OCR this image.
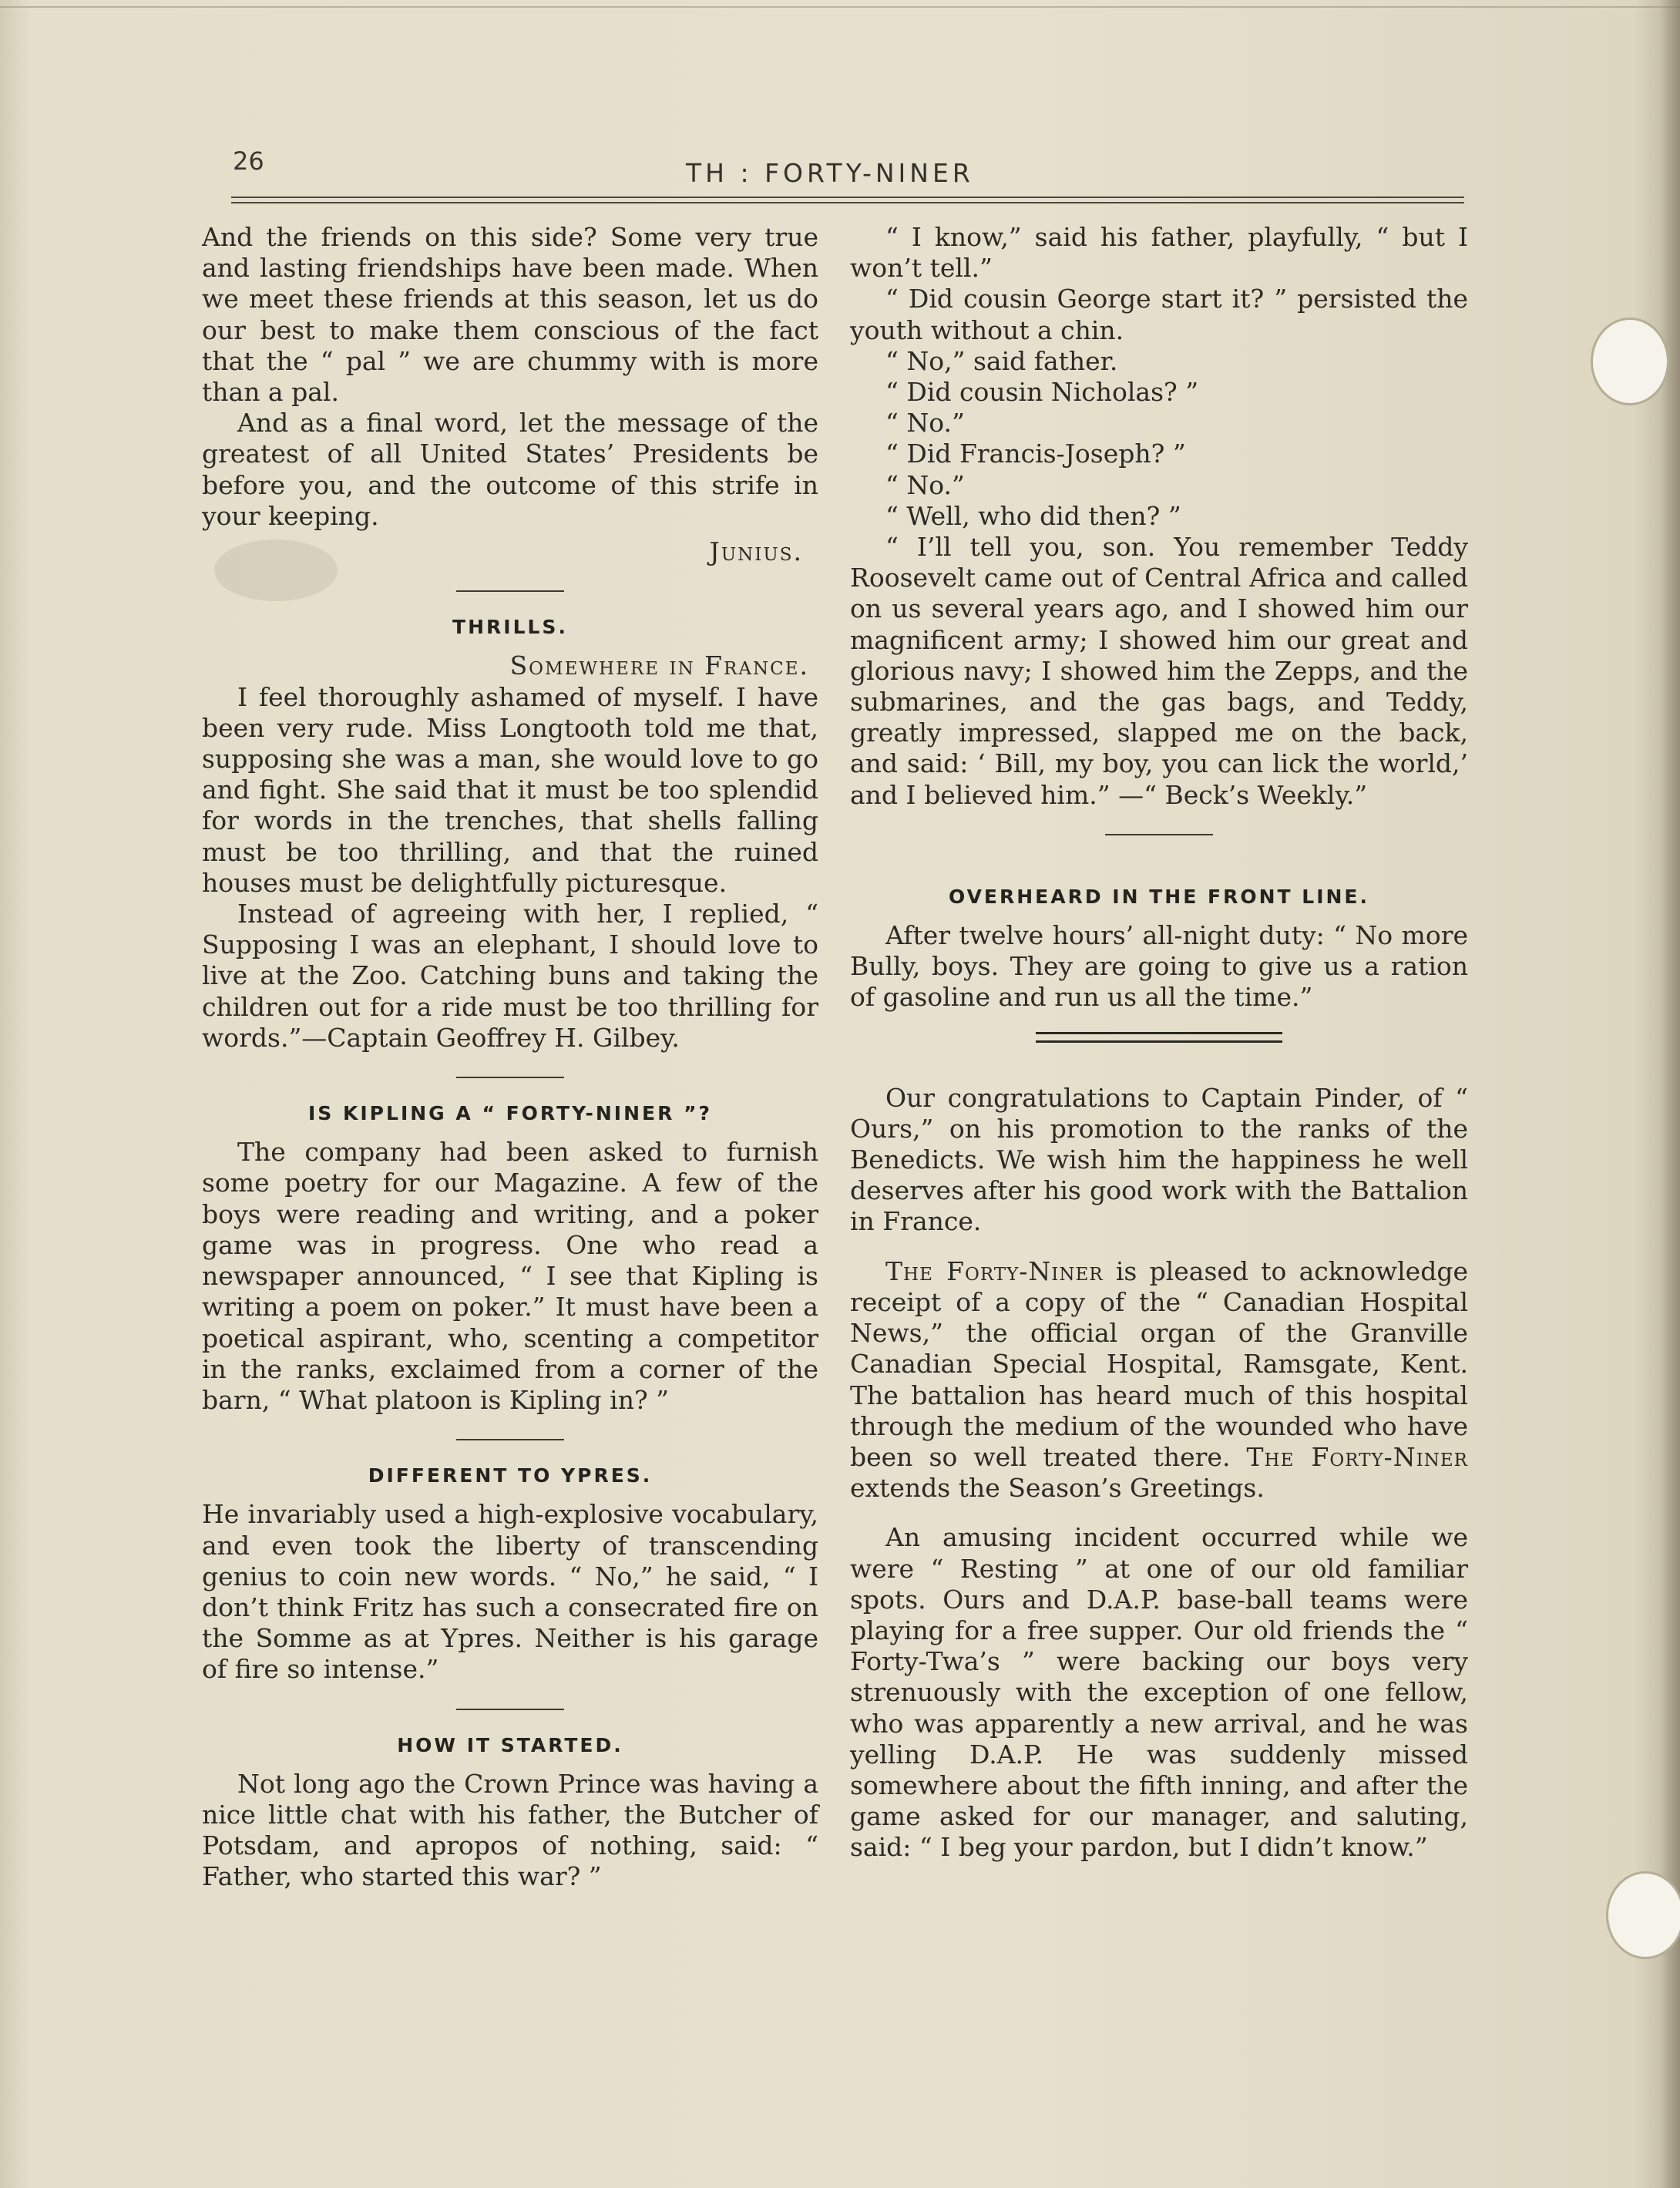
26	TH : FORTY-NINER

And the friends on this side? Some very true and lasting friendships have been made. When we meet these friends at this season, let us do our best to make them conscious of the fact that the “ pal ” we are chummy with is more than a pal.

And as a final word, let the message of the greatest of all United States’ Presidents be before you, and the outcome of this strife in your keeping.

Junius.
THRILLS.
Somewhere in France.

I feel thoroughly ashamed of myself. I have been very rude. Miss Longtooth told me that, supposing she was a man, she would love to go and fight. She said that it must be too splendid for words in the trenches, that shells falling must be too thrilling, and that the ruined houses must be delightfully picturesque.

Instead of agreeing with her, I replied, “ Supposing I was an elephant, I should love to live at the Zoo. Catching buns and taking the children out for a ride must be too thrilling for words.”—Captain Geoffrey H. Gilbey.

IS KIPLING A “ FORTY-NINER ”?

The company had been asked to furnish some poetry for our Magazine. A few of the boys were reading and writing, and a poker game was in progress. One who read a newspaper announced, “ I see that Kipling is writing a poem on poker.” It must have been a poetical aspirant, who, scenting a competitor in the ranks, exclaimed from a corner of the barn, “ What platoon is Kipling in? ”

DIFFERENT TO YPRES.

He invariably used a high-explosive vocabulary, and even took the liberty of transcending genius to coin new words. “ No,” he said, “ I don’t think Fritz has such a consecrated fire on the Somme as at Ypres. Neither is his garage of fire so intense.”

HOW IT STARTED.

Not long ago the Crown Prince was having a nice little chat with his father, the Butcher of Potsdam, and apropos of nothing, said: “ Father, who started this war? ”

“ I know,” said his father, playfully, “ but I won’t tell.”

“ Did cousin George start it? ” persisted the youth without a chin.

“ No,” said father.

“ Did cousin Nicholas? ”

“ No.”

“ Did Francis-Joseph? ”

“ No.”

“ Well, who did then? ”

“ I’ll tell you, son. You remember Teddy Roosevelt came out of Central Africa and called on us several years ago, and I showed him our magnificent army; I showed him our great and glorious navy; I showed him the Zepps, and the submarines, and the gas bags, and Teddy, greatly impressed, slapped me on the back, and said: ‘ Bill, my boy, you can lick the world,’ and I believed him.” —“ Beck’s Weekly.”

OVERHEARD IN THE FRONT LINE.

After twelve hours’ all-night duty: “ No more Bully, boys. They are going to give us a ration of gasoline and run us all the time.”

Our congratulations to Captain Pinder, of “ Ours,” on his promotion to the ranks of the Benedicts. We wish him the happiness he well deserves after his good work with the Battalion in France.

The Forty-Niner is pleased to acknowledge receipt of a copy of the “ Canadian Hospital News,” the official organ of the Granville Canadian Special Hospital, Ramsgate, Kent. The battalion has heard much of this hospital through the medium of the wounded who have been so well treated there. The Forty-Niner extends the Season’s Greetings.

An amusing incident occurred while we were “ Resting ” at one of our old familiar spots. Ours and D.A.P. base-ball teams were playing for a free supper. Our old friends the “ Forty-Twa’s ” were backing our boys very strenuously with the exception of one fellow, who was apparently a new arrival, and he was yelling D.A.P. He was suddenly missed somewhere about the fifth inning, and after the game asked for our manager, and saluting, said: “ I beg your pardon, but I didn’t know.”
